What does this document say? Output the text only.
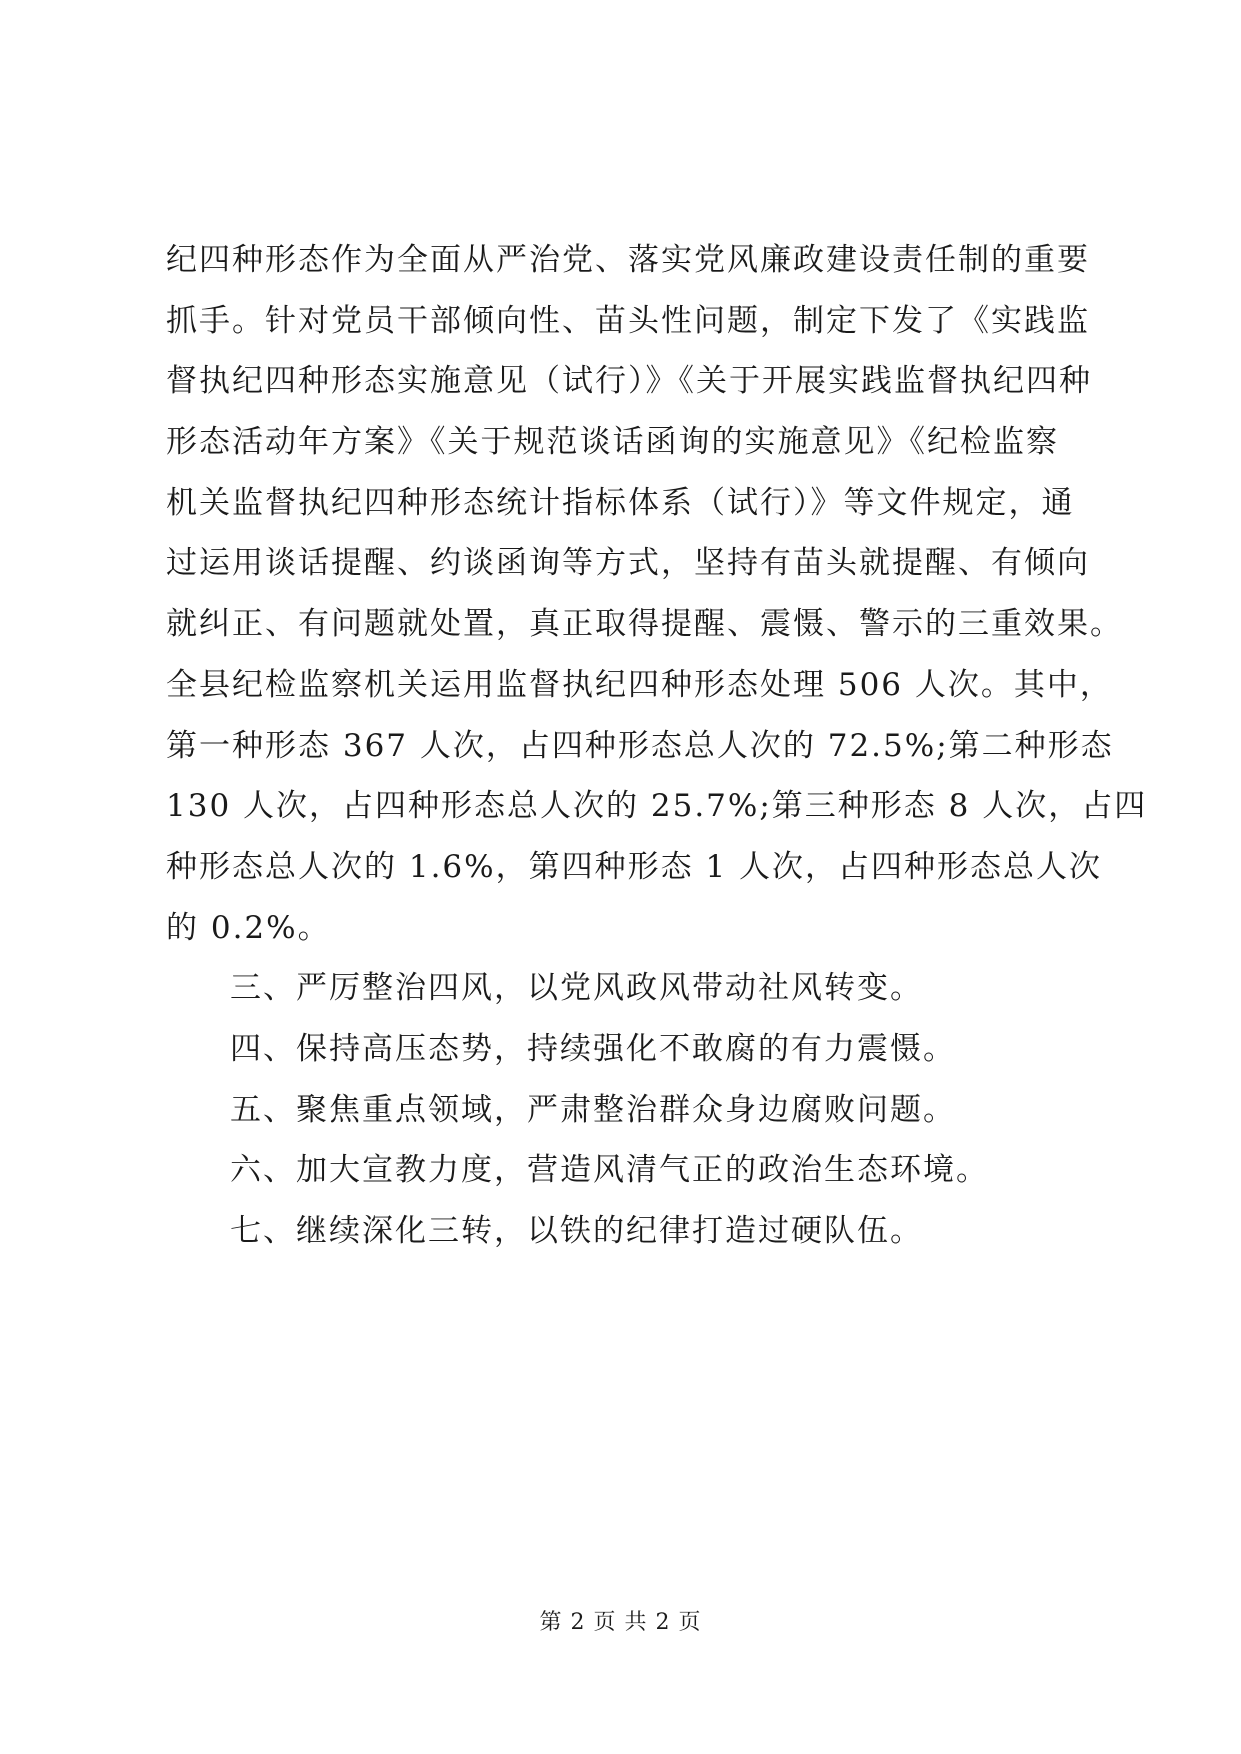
纪四种形态作为全面从严治党、落实党风廉政建设责任制的重要
抓手。针对党员干部倾向性、苗头性问题，制定下发了《实践监
督执纪四种形态实施意见（试行）》《关于开展实践监督执纪四种
形态活动年方案》《关于规范谈话函询的实施意见》《纪检监察
机关监督执纪四种形态统计指标体系（试行）》等文件规定，通
过运用谈话提醒、约谈函询等方式，坚持有苗头就提醒、有倾向
就纠正、有问题就处置，真正取得提醒、震慑、警示的三重效果。
全县纪检监察机关运用监督执纪四种形态处理 506 人次。其中，
第一种形态 367 人次，占四种形态总人次的 72.5%;第二种形态
130 人次，占四种形态总人次的 25.7%;第三种形态 8 人次，占四
种形态总人次的 1.6%，第四种形态 1 人次，占四种形态总人次
的 0.2%。
三、严厉整治四风，以党风政风带动社风转变。
四、保持高压态势，持续强化不敢腐的有力震慑。
五、聚焦重点领域，严肃整治群众身边腐败问题。
六、加大宣教力度，营造风清气正的政治生态环境。
七、继续深化三转，以铁的纪律打造过硬队伍。
第 2 页 共 2 页
